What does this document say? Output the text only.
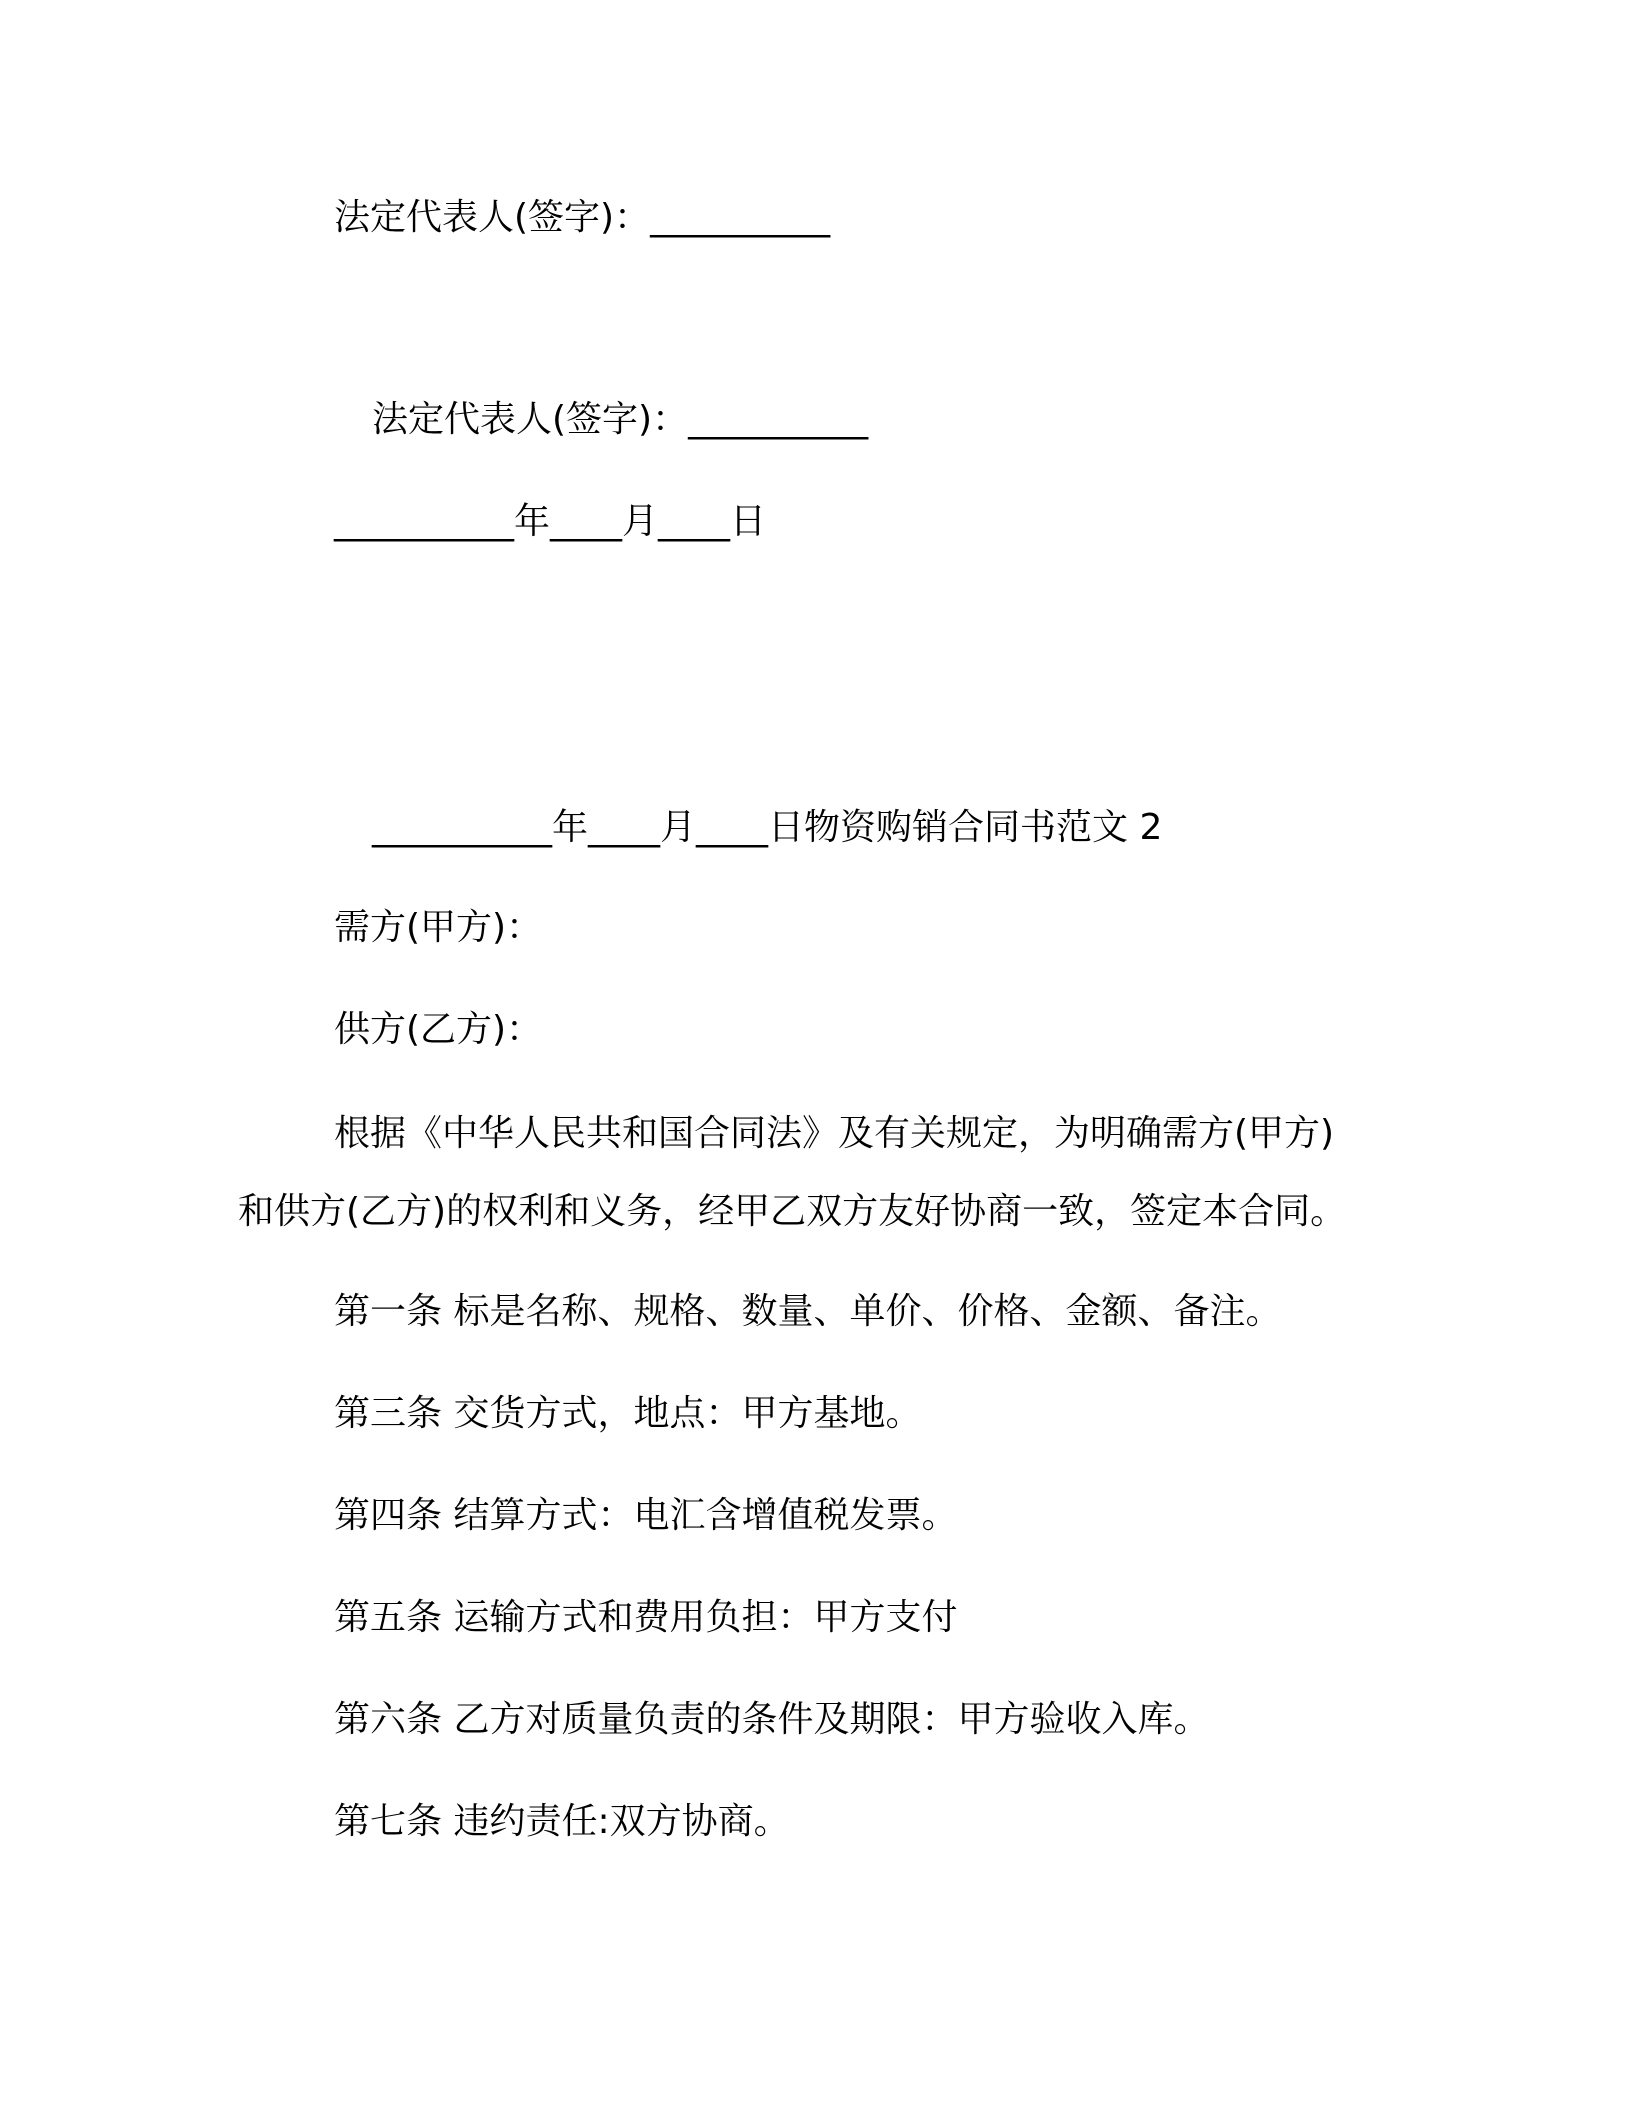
法定代表人(签字)：__________
法定代表人(签字)：__________
__________年____月____日
__________年____月____日物资购销合同书范文 2
需方(甲方)：
供方(乙方)：
根据《中华人民共和国合同法》及有关规定，为明确需方(甲方)
和供方(乙方)的权利和义务，经甲乙双方友好协商一致，签定本合同。
第一条 标是名称、规格、数量、单价、价格、金额、备注。
第三条 交货方式，地点：甲方基地。
第四条 结算方式：电汇含增值税发票。
第五条 运输方式和费用负担：甲方支付
第六条 乙方对质量负责的条件及期限：甲方验收入库。
第七条 违约责任:双方协商。
